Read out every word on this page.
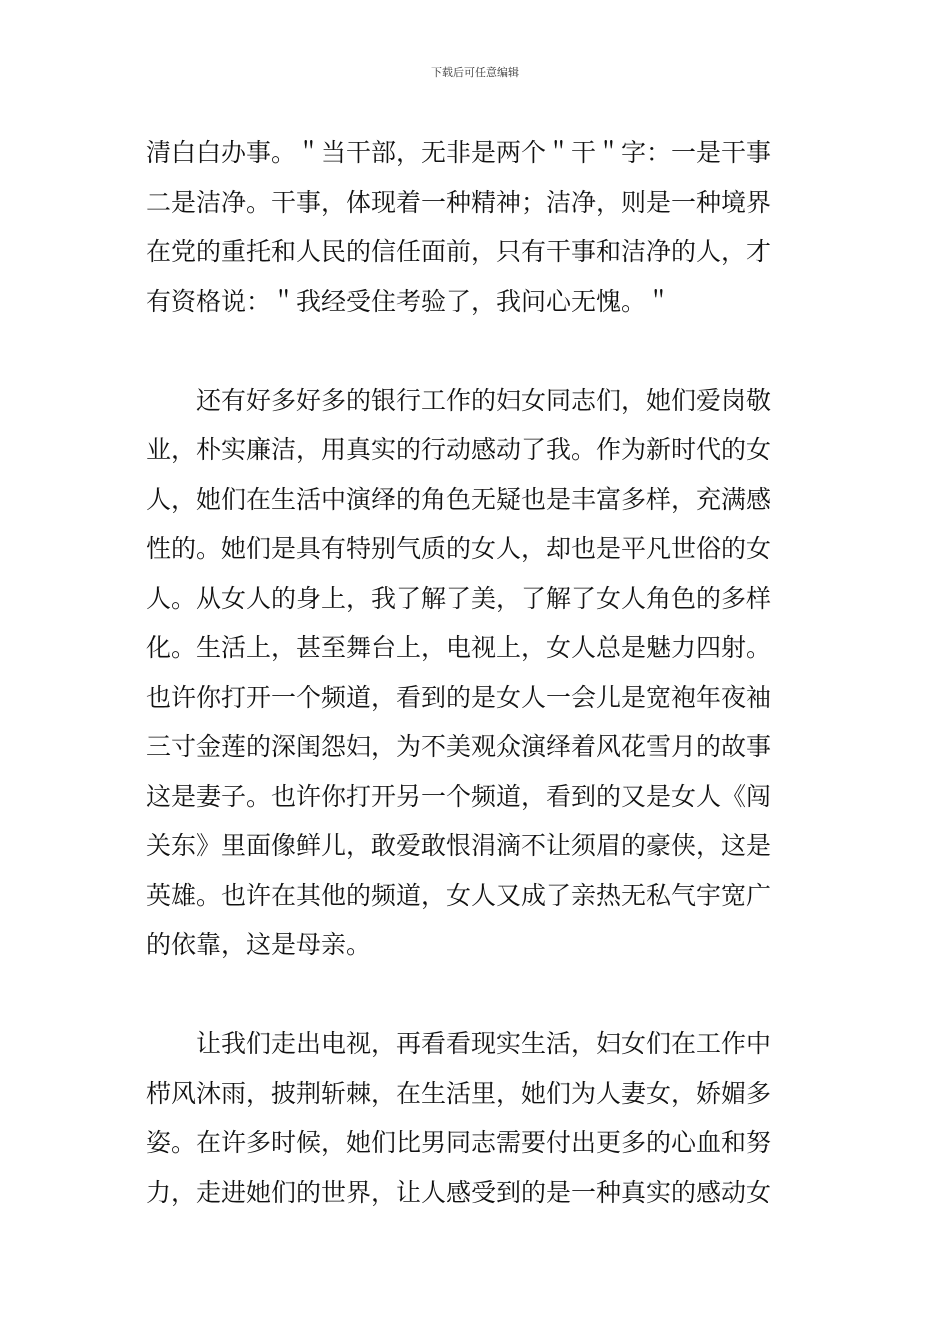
下载后可任意编辑
清白白办事。＂当干部，无非是两个＂干＂字：一是干事
二是洁净。干事，体现着一种精神；洁净，则是一种境界
在党的重托和人民的信任面前，只有干事和洁净的人，才
有资格说：＂我经受住考验了，我问心无愧。＂
　　还有好多好多的银行工作的妇女同志们，她们爱岗敬
业，朴实廉洁，用真实的行动感动了我。作为新时代的女
人，她们在生活中演绎的角色无疑也是丰富多样，充满感
性的。她们是具有特别气质的女人，却也是平凡世俗的女
人。从女人的身上，我了解了美，了解了女人角色的多样
化。生活上，甚至舞台上，电视上，女人总是魅力四射。
也许你打开一个频道，看到的是女人一会儿是宽袍年夜袖
三寸金莲的深闺怨妇，为不美观众演绎着风花雪月的故事
这是妻子。也许你打开另一个频道，看到的又是女人《闯
关东》里面像鲜儿，敢爱敢恨涓滴不让须眉的豪侠，这是
英雄。也许在其他的频道，女人又成了亲热无私气宇宽广
的依靠，这是母亲。
　　让我们走出电视，再看看现实生活，妇女们在工作中
栉风沐雨，披荆斩棘，在生活里，她们为人妻女，娇媚多
姿。在许多时候，她们比男同志需要付出更多的心血和努
力，走进她们的世界，让人感受到的是一种真实的感动女
